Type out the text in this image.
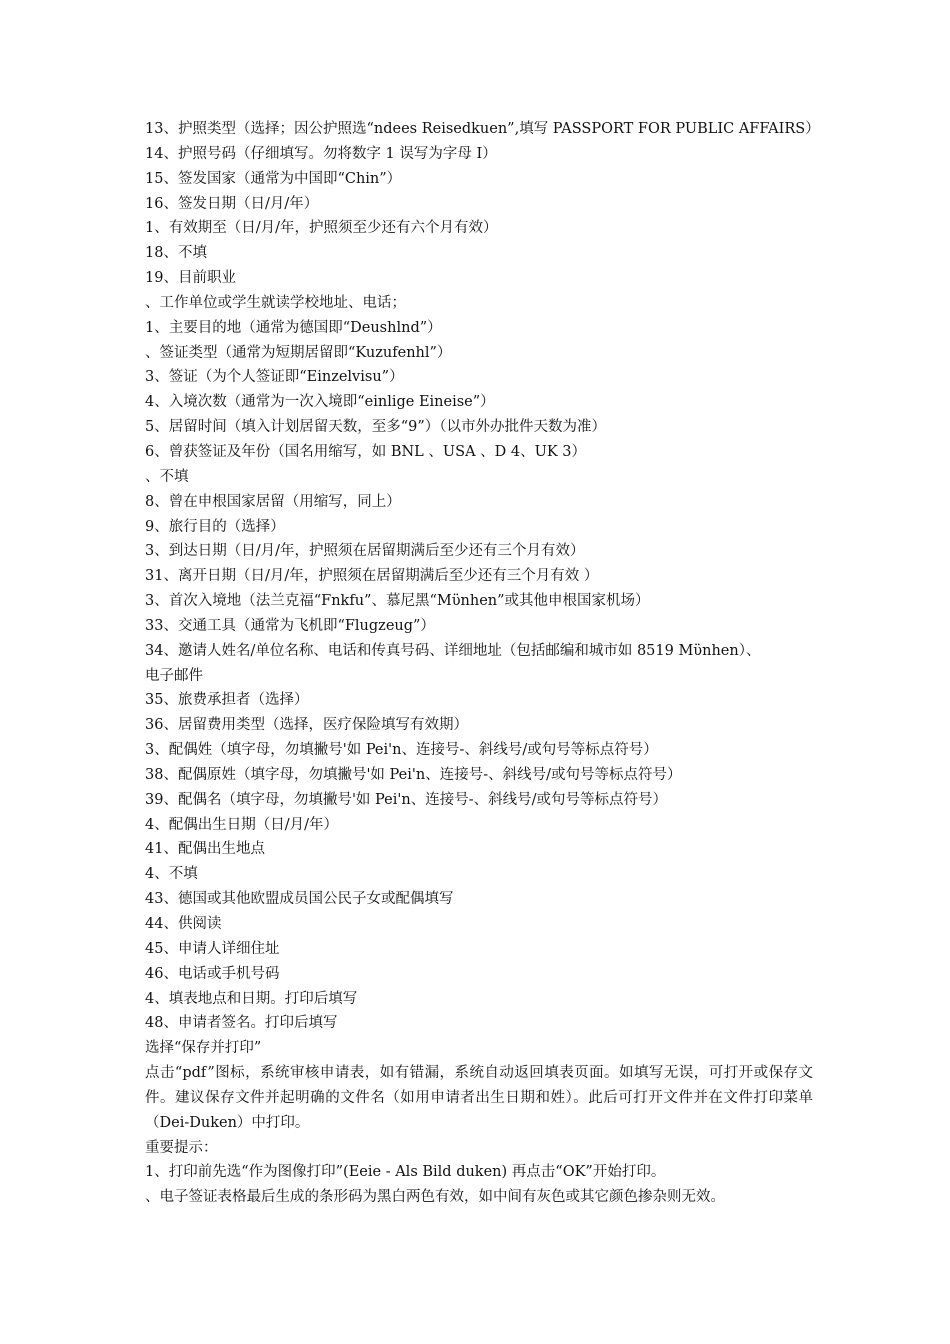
13、护照类型（选择；因公护照选“ndees Reisedkuen”,填写 PASSPORT FOR PUBLIC AFFAIRS）
14、护照号码（仔细填写。勿将数字 1 误写为字母 I）
15、签发国家（通常为中国即“Chin”）
16、签发日期（日/月/年）
1、有效期至（日/月/年，护照须至少还有六个月有效）
18、不填
19、目前职业
、工作单位或学生就读学校地址、电话；
1、主要目的地（通常为德国即“Deushlnd”）
、签证类型（通常为短期居留即“Kuzufenhl”）
3、签证（为个人签证即“Einzelvisu”）
4、入境次数（通常为一次入境即“einlige Eineise”）
5、居留时间（填入计划居留天数，至多“9”）（以市外办批件天数为准）
6、曾获签证及年份（国名用缩写，如 BNL 、USA 、D 4、UK 3）
、不填
8、曾在申根国家居留（用缩写，同上）
9、旅行目的（选择）
3、到达日期（日/月/年，护照须在居留期满后至少还有三个月有效）
31、离开日期（日/月/年，护照须在居留期满后至少还有三个月有效 ）
3、首次入境地（法兰克福“Fnkfu”、慕尼黑“Mϋnhen”或其他申根国家机场）
33、交通工具（通常为飞机即“Flugzeug”）
34、邀请人姓名/单位名称、电话和传真号码、详细地址（包括邮编和城市如 8519 Mϋnhen）、
电子邮件
35、旅费承担者（选择）
36、居留费用类型（选择，医疗保险填写有效期）
3、配偶姓（填字母，勿填撇号'如 Pei'n、连接号-、斜线号/或句号等标点符号）
38、配偶原姓（填字母，勿填撇号'如 Pei'n、连接号-、斜线号/或句号等标点符号）
39、配偶名（填字母，勿填撇号'如 Pei'n、连接号-、斜线号/或句号等标点符号）
4、配偶出生日期（日/月/年）
41、配偶出生地点
4、不填
43、德国或其他欧盟成员国公民子女或配偶填写
44、供阅读
45、申请人详细住址
46、电话或手机号码
4、填表地点和日期。打印后填写
48、申请者签名。打印后填写
选择“保存并打印”
点击“pdf”图标，系统审核申请表，如有错漏，系统自动返回填表页面。如填写无误，可打开或保存文件。建议保存文件并起明确的文件名（如用申请者出生日期和姓）。此后可打开文件并在文件打印菜单（Dei-Duken）中打印。
重要提示：
1、打印前先选“作为图像打印”(Eeie - Als Bild duken) 再点击“OK”开始打印。
、电子签证表格最后生成的条形码为黑白两色有效，如中间有灰色或其它颜色掺杂则无效。
